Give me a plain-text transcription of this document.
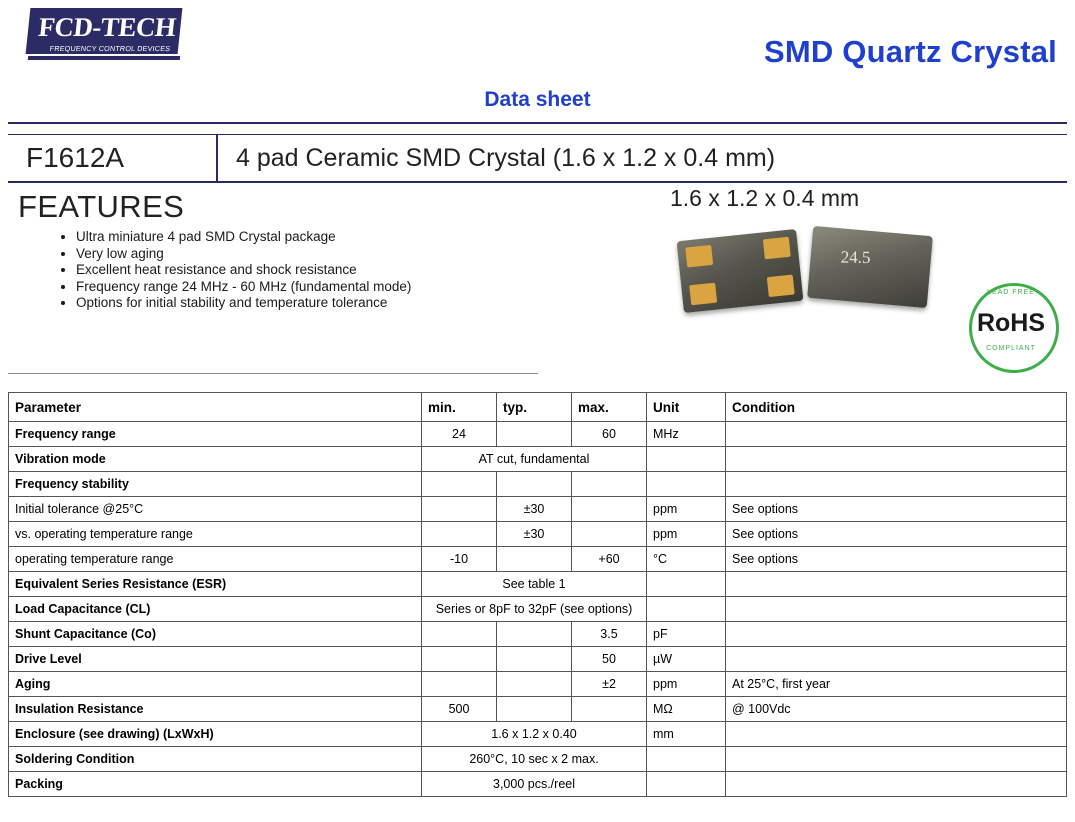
FCD-TECH
FREQUENCY CONTROL DEVICES	SMD Quartz Crystal
Data sheet
F1612A	4 pad Ceramic SMD Crystal (1.6 x 1.2 x 0.4 mm)
FEATURES
• Ultra miniature 4 pad SMD Crystal package
• Very low aging
• Excellent heat resistance and shock resistance
• Frequency range 24 MHz - 60 MHz (fundamental mode)
• Options for initial stability and temperature tolerance
1.6 x 1.2 x 0.4 mm
24.5
LEAD FREE
RoHS
COMPLIANT
Parameter	min.	typ.	max.	Unit	Condition
Frequency range	24		60	MHz	
Vibration mode	AT cut, fundamental				
Frequency stability					
Initial tolerance @25°C		±30		ppm	See options
vs. operating temperature range		±30		ppm	See options
operating temperature range	-10		+60	°C	See options
Equivalent Series Resistance (ESR)	See table 1				
Load Capacitance (CL)	Series or 8pF to 32pF (see options)				
Shunt Capacitance (Co)			3.5	pF	
Drive Level			50	µW	
Aging			±2	ppm	At 25°C, first year
Insulation Resistance	500			MΩ	@ 100Vdc
Enclosure (see drawing) (LxWxH)	1.6 x 1.2 x 0.40			mm	
Soldering Condition	260°C, 10 sec x 2 max.				
Packing	3,000 pcs./reel				
